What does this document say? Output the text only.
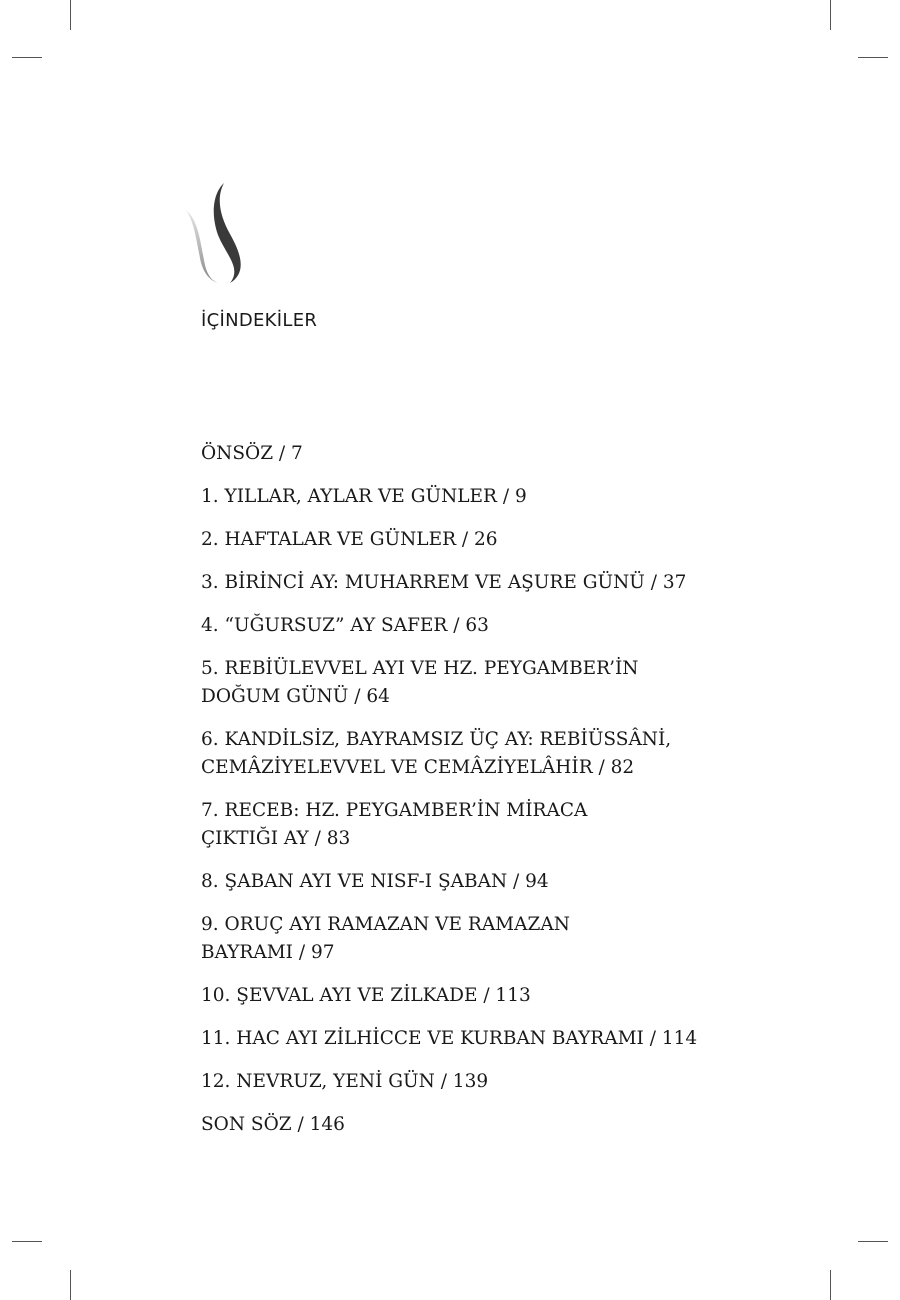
İÇİNDEKİLER
ÖNSÖZ / 7
1. YILLAR, AYLAR VE GÜNLER / 9
2. HAFTALAR VE GÜNLER / 26
3. BİRİNCİ AY: MUHARREM VE AŞURE GÜNÜ / 37
4. “UĞURSUZ” AY SAFER / 63
5. REBİÜLEVVEL AYI VE HZ. PEYGAMBER’İN
DOĞUM GÜNÜ / 64
6. KANDİLSİZ, BAYRAMSIZ ÜÇ AY: REBİÜSSÂNİ,
CEMÂZİYELEVVEL VE CEMÂZİYELÂHİR / 82
7. RECEB: HZ. PEYGAMBER’İN MİRACA
ÇIKTIĞI AY / 83
8. ŞABAN AYI VE NISF-I ŞABAN / 94
9. ORUÇ AYI RAMAZAN VE RAMAZAN
BAYRAMI / 97
10. ŞEVVAL AYI VE ZİLKADE / 113
11. HAC AYI ZİLHİCCE VE KURBAN BAYRAMI / 114
12. NEVRUZ, YENİ GÜN / 139
SON SÖZ / 146
